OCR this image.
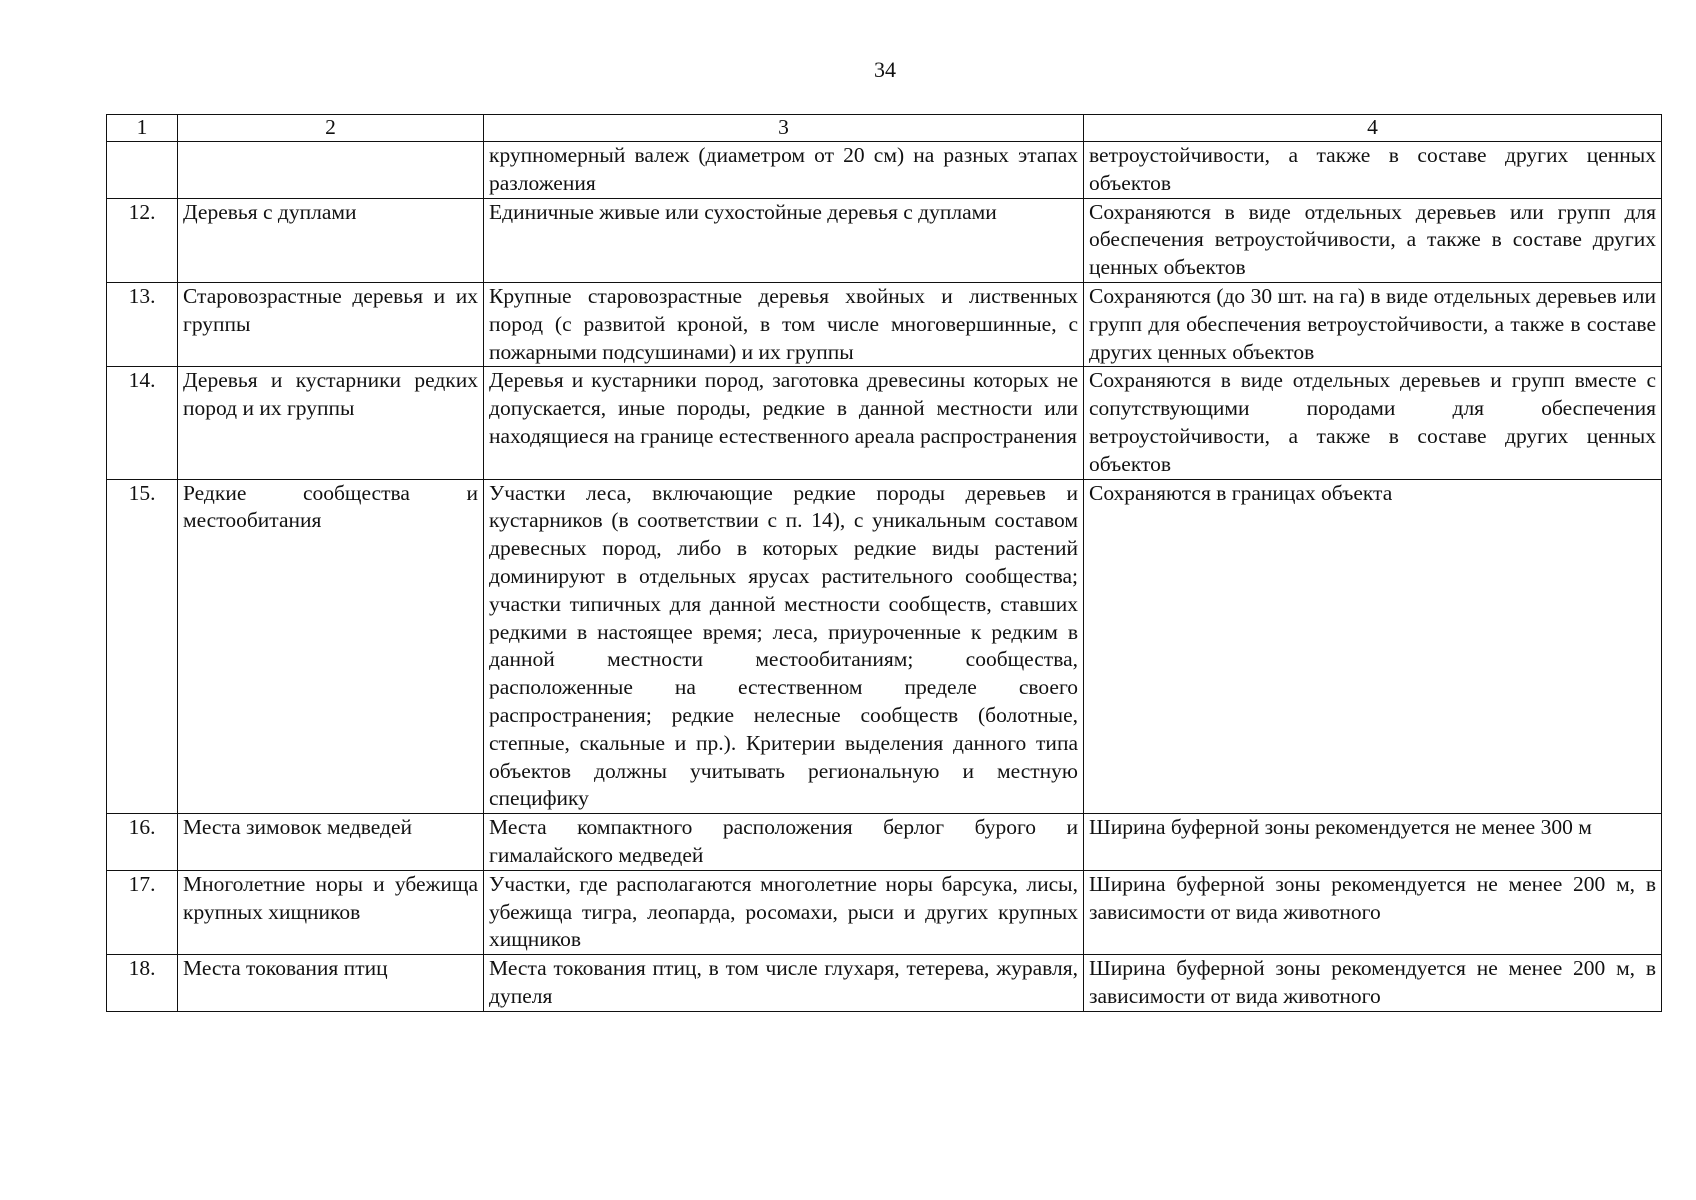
34
1	2	3	4
		крупномерный валеж (диаметром от 20 см) на разных этапах разложения	ветроустойчивости, а также в составе других ценных объектов
12.	Деревья с дуплами	Единичные живые или сухостойные деревья с дуплами	Сохраняются в виде отдельных деревьев или групп для обеспечения ветроустойчивости, а также в составе других ценных объектов
13.	Старовозрастные деревья и их группы	Крупные старовозрастные деревья хвойных и лиственных пород (с развитой кроной, в том числе многовершинные, с пожарными подсушинами) и их группы	Сохраняются (до 30 шт. на га) в виде отдельных деревьев или групп для обеспечения ветроустойчивости, а также в составе других ценных объектов
14.	Деревья и кустарники редких пород и их группы	Деревья и кустарники пород, заготовка древесины которых не допускается, иные породы, редкие в данной местности или находящиеся на границе естественного ареала распространения	Сохраняются в виде отдельных деревьев и групп вместе с сопутствующими породами для обеспечения ветроустойчивости, а также в составе других ценных объектов
15.	Редкие сообщества и местообитания	Участки леса, включающие редкие породы деревьев и кустарников (в соответствии с п. 14), с уникальным составом древесных пород, либо в которых редкие виды растений доминируют в отдельных ярусах растительного сообщества; участки типичных для данной местности сообществ, ставших редкими в настоящее время; леса, приуроченные к редким в данной местности местообитаниям; сообщества, расположенные на естественном пределе своего распространения; редкие нелесные сообществ (болотные, степные, скальные и пр.). Критерии выделения данного типа объектов должны учитывать региональную и местную специфику	Сохраняются в границах объекта
16.	Места зимовок медведей	Места компактного расположения берлог бурого и гималайского медведей	Ширина буферной зоны рекомендуется не менее 300 м
17.	Многолетние норы и убежища крупных хищников	Участки, где располагаются многолетние норы барсука, лисы, убежища тигра, леопарда, росомахи, рыси и других крупных хищников	Ширина буферной зоны рекомендуется не менее 200 м, в зависимости от вида животного
18.	Места токования птиц	Места токования птиц, в том числе глухаря, тетерева, журавля, дупеля	Ширина буферной зоны рекомендуется не менее 200 м, в зависимости от вида животного
